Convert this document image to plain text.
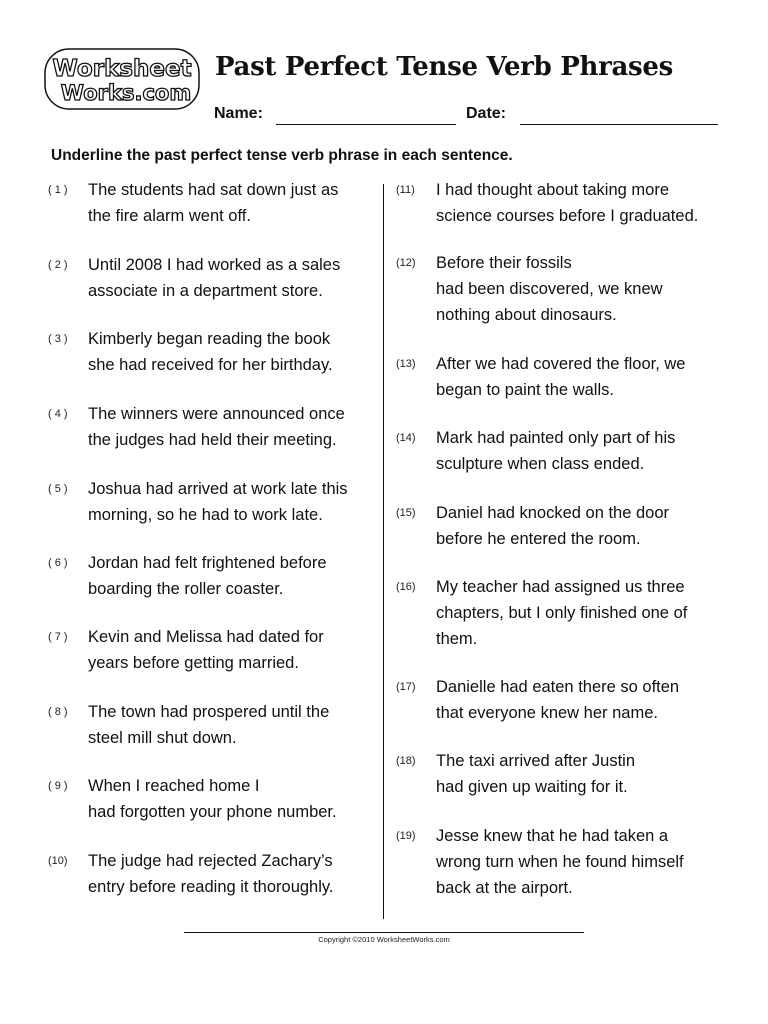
Worksheet
Works.com
Past Perfect Tense Verb Phrases
Name:	Date:
Underline the past perfect tense verb phrase in each sentence.
( 1 )	The students had sat down just as
the fire alarm went off.
( 2 )	Until 2008 I had worked as a sales
associate in a department store.
( 3 )	Kimberly began reading the book
she had received for her birthday.
( 4 )	The winners were announced once
the judges had held their meeting.
( 5 )	Joshua had arrived at work late this
morning, so he had to work late.
( 6 )	Jordan had felt frightened before
boarding the roller coaster.
( 7 )	Kevin and Melissa had dated for
years before getting married.
( 8 )	The town had prospered until the
steel mill shut down.
( 9 )	When I reached home I
had forgotten your phone number.
(10)	The judge had rejected Zachary’s
entry before reading it thoroughly.
(11)	I had thought about taking more
science courses before I graduated.
(12)	Before their fossils
had been discovered, we knew
nothing about dinosaurs.
(13)	After we had covered the floor, we
began to paint the walls.
(14)	Mark had painted only part of his
sculpture when class ended.
(15)	Daniel had knocked on the door
before he entered the room.
(16)	My teacher had assigned us three
chapters, but I only finished one of
them.
(17)	Danielle had eaten there so often
that everyone knew her name.
(18)	The taxi arrived after Justin
had given up waiting for it.
(19)	Jesse knew that he had taken a
wrong turn when he found himself
back at the airport.
Copyright ©2010 WorksheetWorks.com
